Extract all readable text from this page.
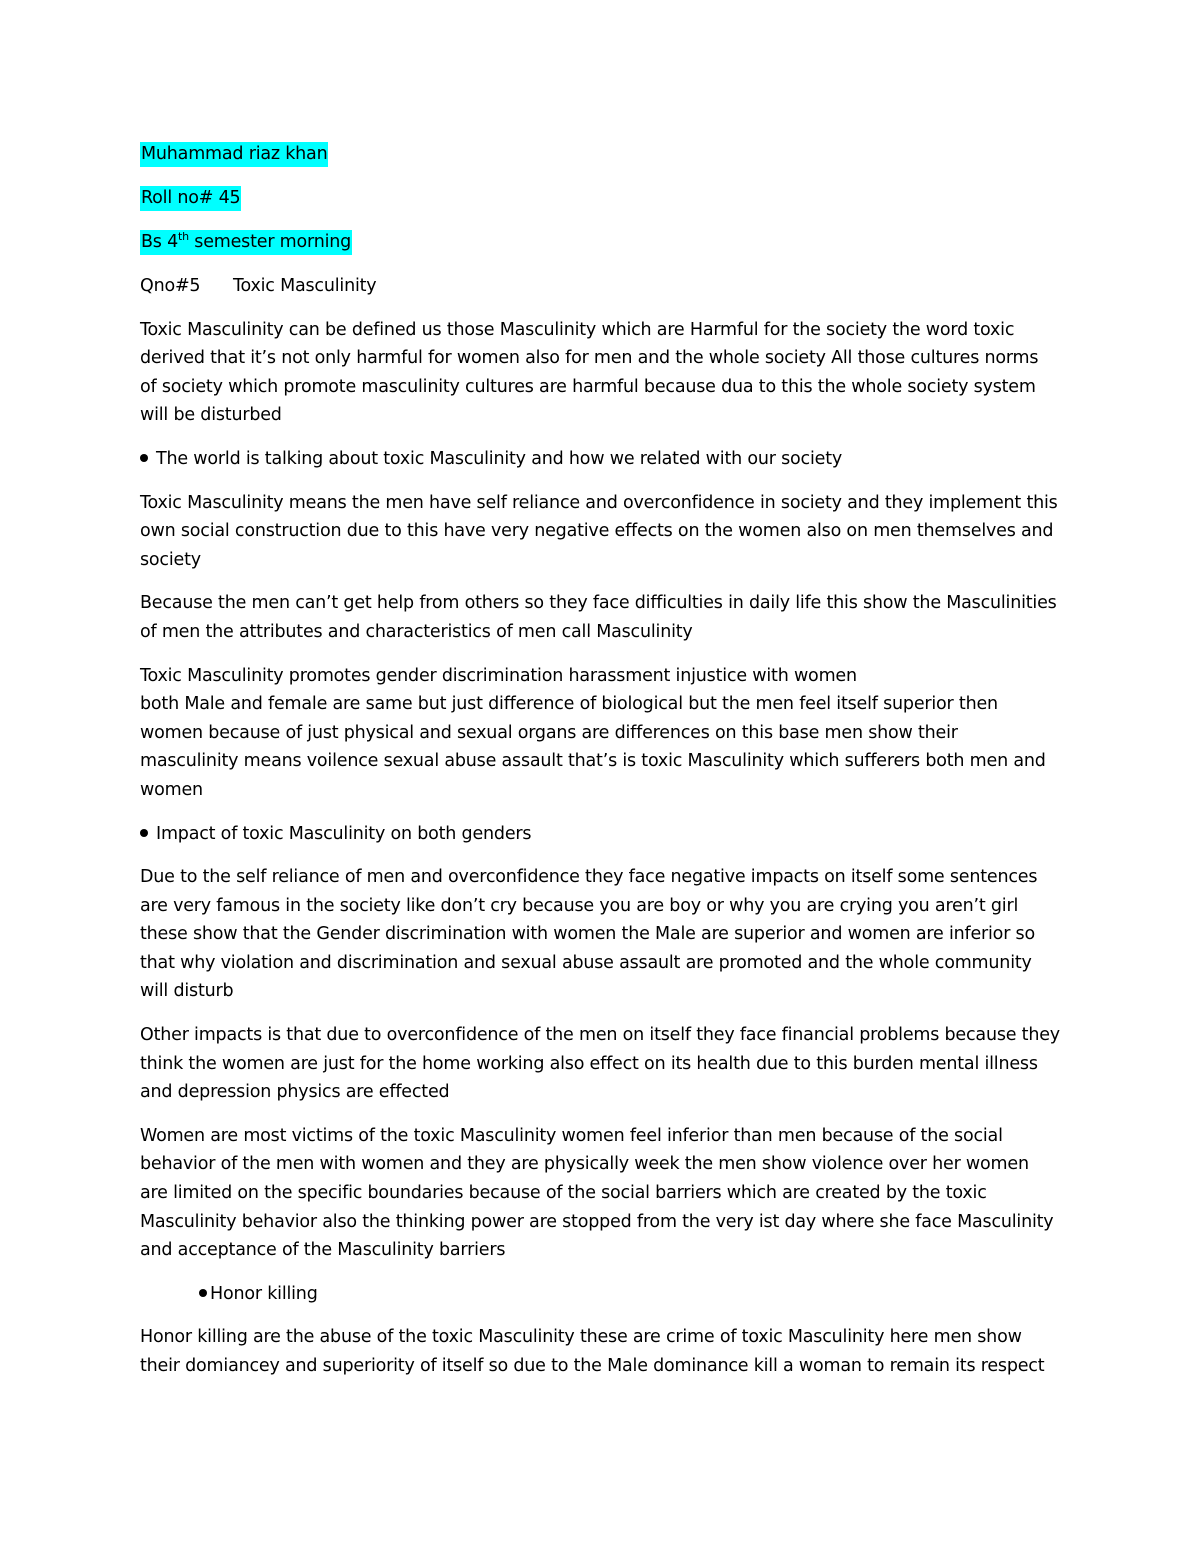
Muhammad riaz khan
Roll no# 45
Bs 4th semester morning
Qno#5 Toxic Masculinity

Toxic Masculinity can be defined us those Masculinity which are Harmful for the society the word toxic derived that it’s not only harmful for women also for men and the whole society All those cultures norms of society which promote masculinity cultures are harmful because dua to this the whole society system will be disturbed

The world is talking about toxic Masculinity and how we related with our society

Toxic Masculinity means the men have self reliance and overconfidence in society and they implement this own social construction due to this have very negative effects on the women also on men themselves and society

Because the men can’t get help from others so they face difficulties in daily life this show the Masculinities of men the attributes and characteristics of men call Masculinity

Toxic Masculinity promotes gender discrimination harassment injustice with women
both Male and female are same but just difference of biological but the men feel itself superior then women because of just physical and sexual organs are differences on this base men show their masculinity means voilence sexual abuse assault that’s is toxic Masculinity which sufferers both men and women

Impact of toxic Masculinity on both genders

Due to the self reliance of men and overconfidence they face negative impacts on itself some sentences are very famous in the society like don’t cry because you are boy or why you are crying you aren’t girl these show that the Gender discrimination with women the Male are superior and women are inferior so that why violation and discrimination and sexual abuse assault are promoted and the whole community will disturb

Other impacts is that due to overconfidence of the men on itself they face financial problems because they think the women are just for the home working also effect on its health due to this burden mental illness and depression physics are effected

Women are most victims of the toxic Masculinity women feel inferior than men because of the social behavior of the men with women and they are physically week the men show violence over her women are limited on the specific boundaries because of the social barriers which are created by the toxic Masculinity behavior also the thinking power are stopped from the very ist day where she face Masculinity and acceptance of the Masculinity barriers

Honor killing

Honor killing are the abuse of the toxic Masculinity these are crime of toxic Masculinity here men show their domiancey and superiority of itself so due to the Male dominance kill a woman to remain its respect
